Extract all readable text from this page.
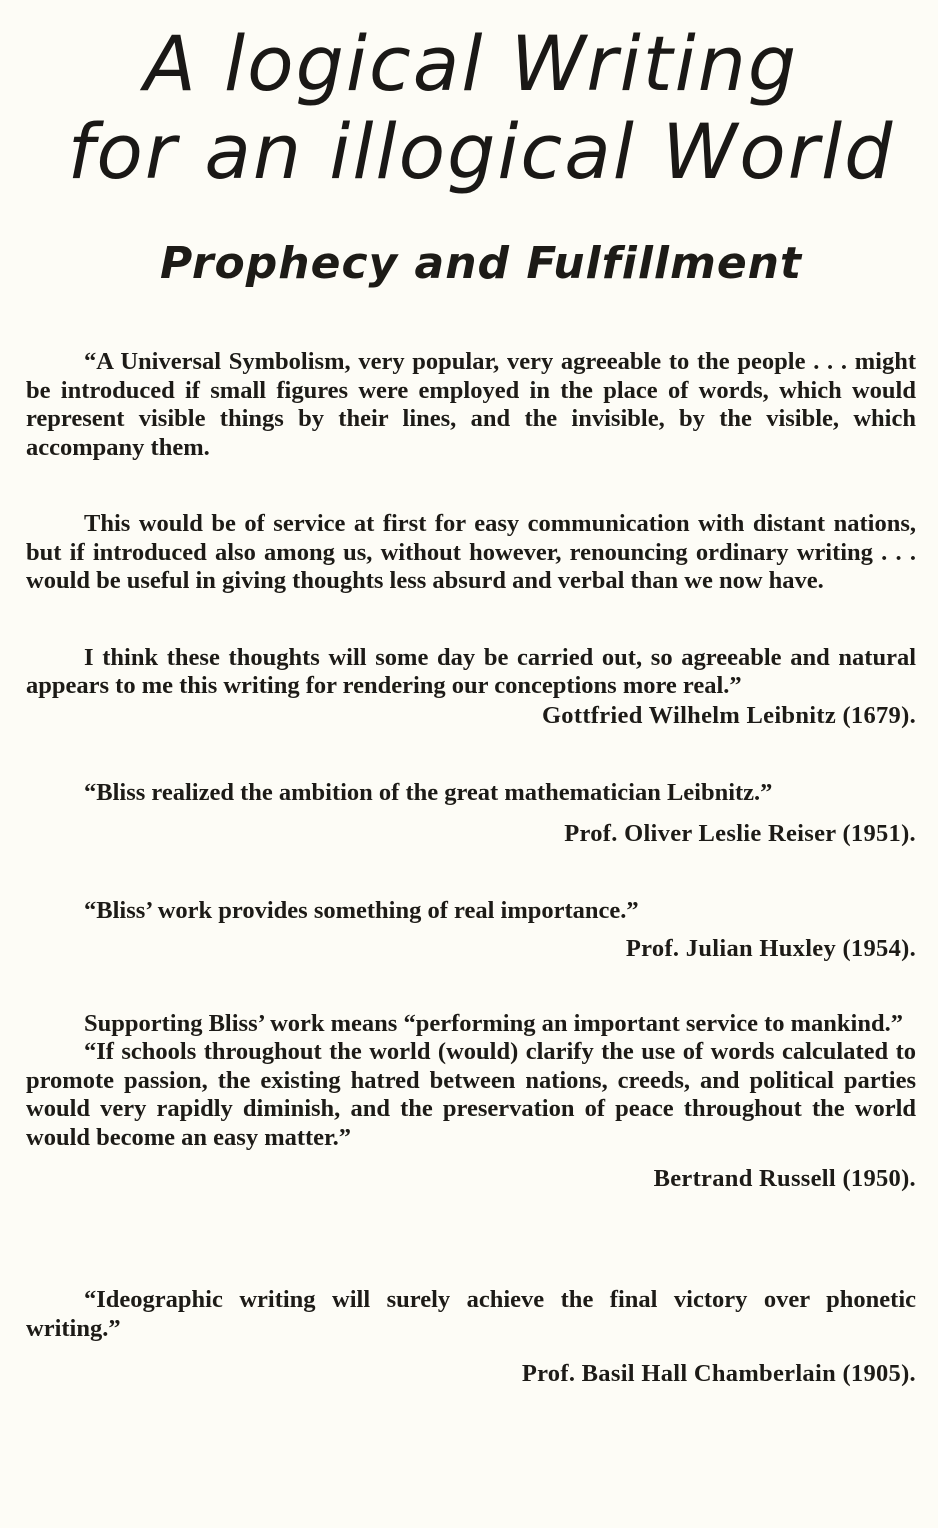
A logical Writing
for an illogical World
Prophecy and Fulfillment

“A Universal Symbolism, very popular, very agreeable to the people . . . might be introduced if small figures were employed in the place of words, which would represent visible things by their lines, and the invisible, by the visible, which accompany them.

This would be of service at first for easy communication with distant nations, but if introduced also among us, without however, renouncing ordinary writing . . . would be useful in giving thoughts less absurd and verbal than we now have.

I think these thoughts will some day be carried out, so agreeable and natural appears to me this writing for rendering our conceptions more real.”

Gottfried Wilhelm Leibnitz (1679).

“Bliss realized the ambition of the great mathematician Leibnitz.”

Prof. Oliver Leslie Reiser (1951).

“Bliss’ work provides something of real importance.”

Prof. Julian Huxley (1954).

Supporting Bliss’ work means “performing an important service to mankind.”

“If schools throughout the world (would) clarify the use of words calculated to promote passion, the existing hatred between nations, creeds, and political parties would very rapidly diminish, and the preservation of peace throughout the world would become an easy matter.”

Bertrand Russell (1950).

“Ideographic writing will surely achieve the final victory over phonetic writing.”

Prof. Basil Hall Chamberlain (1905).
